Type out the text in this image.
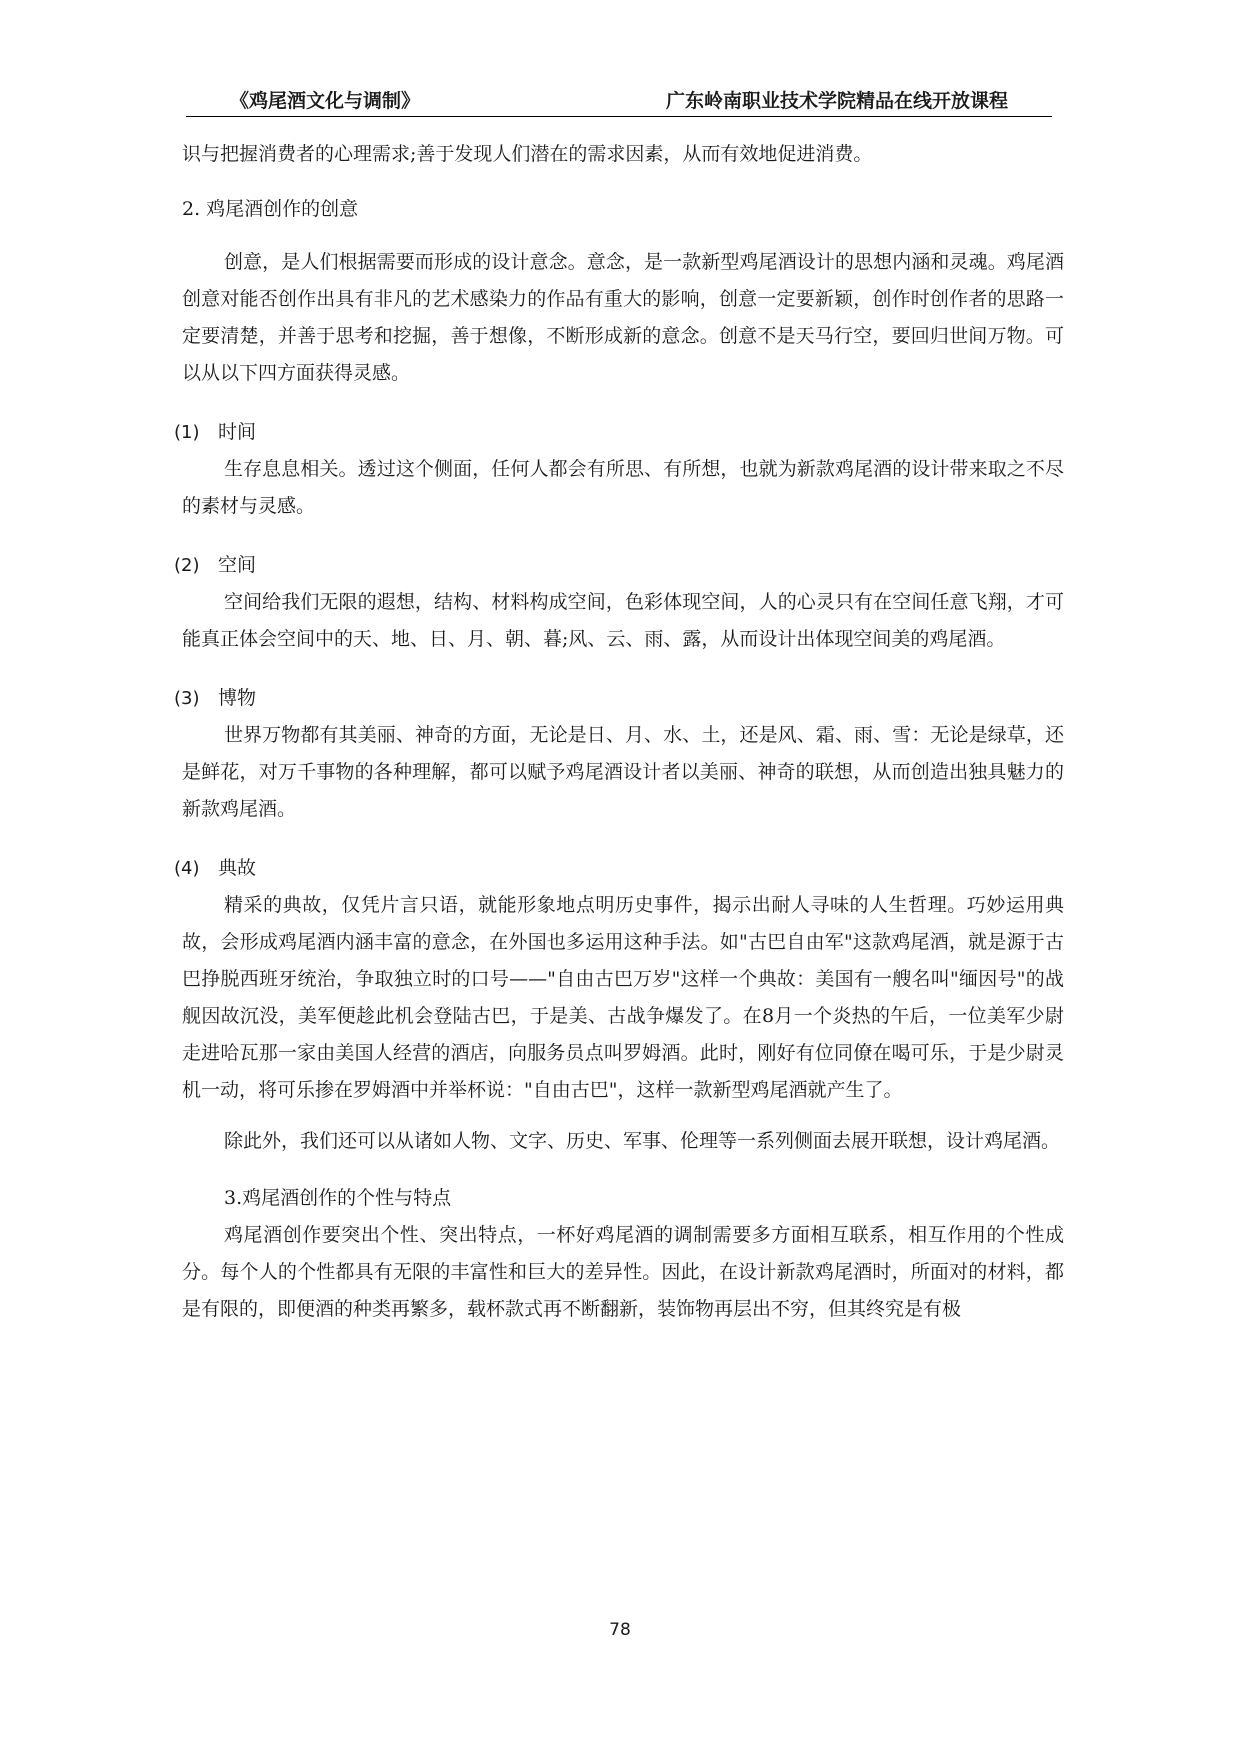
《鸡尾酒文化与调制》	广东岭南职业技术学院精品在线开放课程

识与把握消费者的心理需求;善于发现人们潜在的需求因素，从而有效地促进消费。

2. 鸡尾酒创作的创意

创意，是人们根据需要而形成的设计意念。意念，是一款新型鸡尾酒设计的思想内涵和灵魂。鸡尾酒创意对能否创作出具有非凡的艺术感染力的作品有重大的影响，创意一定要新颖，创作时创作者的思路一定要清楚，并善于思考和挖掘，善于想像，不断形成新的意念。创意不是天马行空，要回归世间万物。可以从以下四方面获得灵感。

(1) 时间

生存息息相关。透过这个侧面，任何人都会有所思、有所想，也就为新款鸡尾酒的设计带来取之不尽的素材与灵感。

(2) 空间

空间给我们无限的遐想，结构、材料构成空间，色彩体现空间，人的心灵只有在空间任意飞翔，才可能真正体会空间中的天、地、日、月、朝、暮;风、云、雨、露，从而设计出体现空间美的鸡尾酒。

(3) 博物

世界万物都有其美丽、神奇的方面，无论是日、月、水、土，还是风、霜、雨、雪：无论是绿草，还是鲜花，对万千事物的各种理解，都可以赋予鸡尾酒设计者以美丽、神奇的联想，从而创造出独具魅力的新款鸡尾酒。

(4) 典故

精采的典故，仅凭片言只语，就能形象地点明历史事件，揭示出耐人寻味的人生哲理。巧妙运用典故，会形成鸡尾酒内涵丰富的意念，在外国也多运用这种手法。如"古巴自由军"这款鸡尾酒，就是源于古巴挣脱西班牙统治，争取独立时的口号——"自由古巴万岁"这样一个典故：美国有一艘名叫"缅因号"的战舰因故沉没，美军便趁此机会登陆古巴，于是美、古战争爆发了。在8月一个炎热的午后，一位美军少尉走进哈瓦那一家由美国人经营的酒店，向服务员点叫罗姆酒。此时，刚好有位同僚在喝可乐，于是少尉灵机一动，将可乐掺在罗姆酒中并举杯说："自由古巴"，这样一款新型鸡尾酒就产生了。

除此外，我们还可以从诸如人物、文字、历史、军事、伦理等一系列侧面去展开联想，设计鸡尾酒。

3.鸡尾酒创作的个性与特点

鸡尾酒创作要突出个性、突出特点，一杯好鸡尾酒的调制需要多方面相互联系，相互作用的个性成分。每个人的个性都具有无限的丰富性和巨大的差异性。因此，在设计新款鸡尾酒时，所面对的材料，都是有限的，即便酒的种类再繁多，载杯款式再不断翻新，装饰物再层出不穷，但其终究是有极

78
